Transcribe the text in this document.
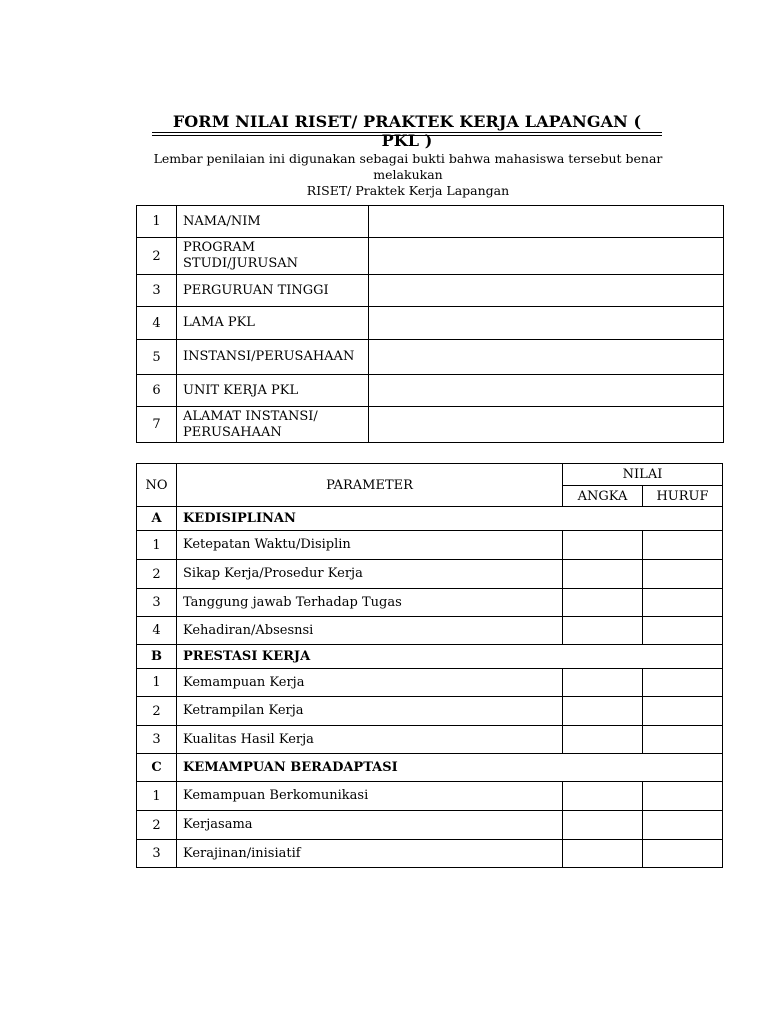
FORM NILAI RISET/ PRAKTEK KERJA LAPANGAN ( PKL )
Lembar penilaian ini digunakan sebagai bukti bahwa mahasiswa tersebut benar melakukan
RISET/ Praktek Kerja Lapangan
1	NAMA/NIM	
2	PROGRAM STUDI/JURUSAN	
3	PERGURUAN TINGGI	
4	LAMA PKL	
5	INSTANSI/PERUSAHAAN	
6	UNIT KERJA PKL	
7	ALAMAT INSTANSI/ PERUSAHAAN	
NO	PARAMETER	NILAI	
		ANGKA	HURUF
A	KEDISIPLINAN		
1	Ketepatan Waktu/Disiplin		
2	Sikap Kerja/Prosedur Kerja		
3	Tanggung jawab Terhadap Tugas		
4	Kehadiran/Absesnsi		
B	PRESTASI KERJA		
1	Kemampuan Kerja		
2	Ketrampilan Kerja		
3	Kualitas Hasil Kerja		
C	KEMAMPUAN BERADAPTASI		
1	Kemampuan Berkomunikasi		
2	Kerjasama		
3	Kerajinan/inisiatif		
